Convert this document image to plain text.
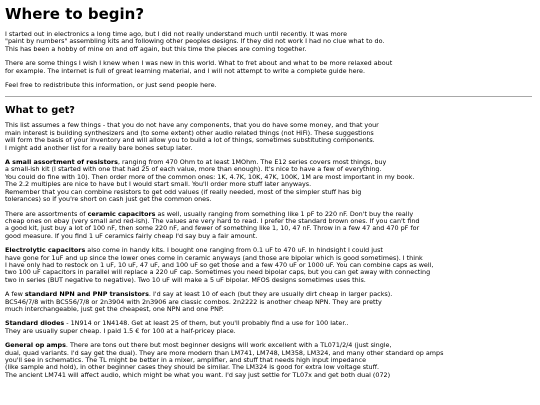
Where to begin?

I started out in electronics a long time ago, but I did not really understand much until recently. It was more
"paint by numbers" assembling kits and following other peoples designs. If they did not work I had no clue what to do.
This has been a hobby of mine on and off again, but this time the pieces are coming together.

There are some things I wish I knew when I was new in this world. What to fret about and what to be more relaxed about
for example. The internet is full of great learning material, and I will not attempt to write a complete guide here.

Feel free to redistribute this information, or just send people here.

What to get?

This list assumes a few things - that you do not have any components, that you do have some money, and that your
main interest is building synthesizers and (to some extent) other audio related things (not HiFi). These suggestions
will form the basis of your inventory and will allow you to build a lot of things, sometimes substituting components.
I might add another list for a really bare bones setup later.

A small assortment of resistors, ranging from 470 Ohm to at least 1MOhm. The E12 series covers most things, buy
a small-ish kit (I started with one that had 25 of each value, more than enough). It's nice to have a few of everything.
You could do fine with 10). Then order more of the common ones: 1K, 4.7K, 10K, 47K, 100K, 1M are most important in my book.
The 2.2 multiples are nice to have but I would start small. You'll order more stuff later anyways.
Remember that you can combine resistors to get odd values (if really needed, most of the simpler stuff has big
tolerances) so if you're short on cash just get the common ones.

There are assortments of ceramic capacitors as well, usually ranging from something like 1 pF to 220 nF. Don't buy the really
cheap ones on ebay (very small and red-ish). The values are very hard to read. I prefer the standard brown ones. If you can't find
a good kit, just buy a lot of 100 nF, then some 220 nF, and fewer of something like 1, 10, 47 nF. Throw in a few 47 and 470 pF for
good measure. If you find 1 uF ceramics fairly cheap I'd say buy a fair amount.

Electrolytic capacitors also come in handy kits. I bought one ranging from 0.1 uF to 470 uF. In hindsight I could just
have gone for 1uF and up since the lower ones come in ceramic anyways (and those are bipolar which is good sometimes). I think
I have only had to restock on 1 uF, 10 uF, 47 uF, and 100 uF so get those and a few 470 uF or 1000 uF. You can combine caps as well,
two 100 uF capacitors in parallel will replace a 220 uF cap. Sometimes you need bipolar caps, but you can get away with connecting
two in series (BUT negative to negative). Two 10 uF will make a 5 uF bipolar. MFOS designs sometimes uses this.

A few standard NPN and PNP transistors. I'd say at least 10 of each (but they are usually dirt cheap in larger packs).
BC546/7/8 with BC556/7/8 or 2n3904 with 2n3906 are classic combos. 2n2222 is another cheap NPN. They are pretty
much interchangeable, just get the cheapest, one NPN and one PNP.

Standard diodes - 1N914 or 1N4148. Get at least 25 of them, but you'll probably find a use for 100 later..
They are usually super cheap. I paid 1.5 € for 100 at a half-pricey place.

General op amps. There are tons out there but most beginner designs will work excellent with a TL071/2/4 (just single,
dual, quad variants. I'd say get the dual). They are more modern than LM741, LM748, LM358, LM324, and many other standard op amps
you'll see in schematics. The TL might be better in a mixer, amplifier, and stuff that needs high input impedance
(like sample and hold), in other beginner cases they should be similar. The LM324 is good for extra low voltage stuff.
The ancient LM741 will affect audio, which might be what you want. I'd say just settle for TL07x and get both dual (072)
